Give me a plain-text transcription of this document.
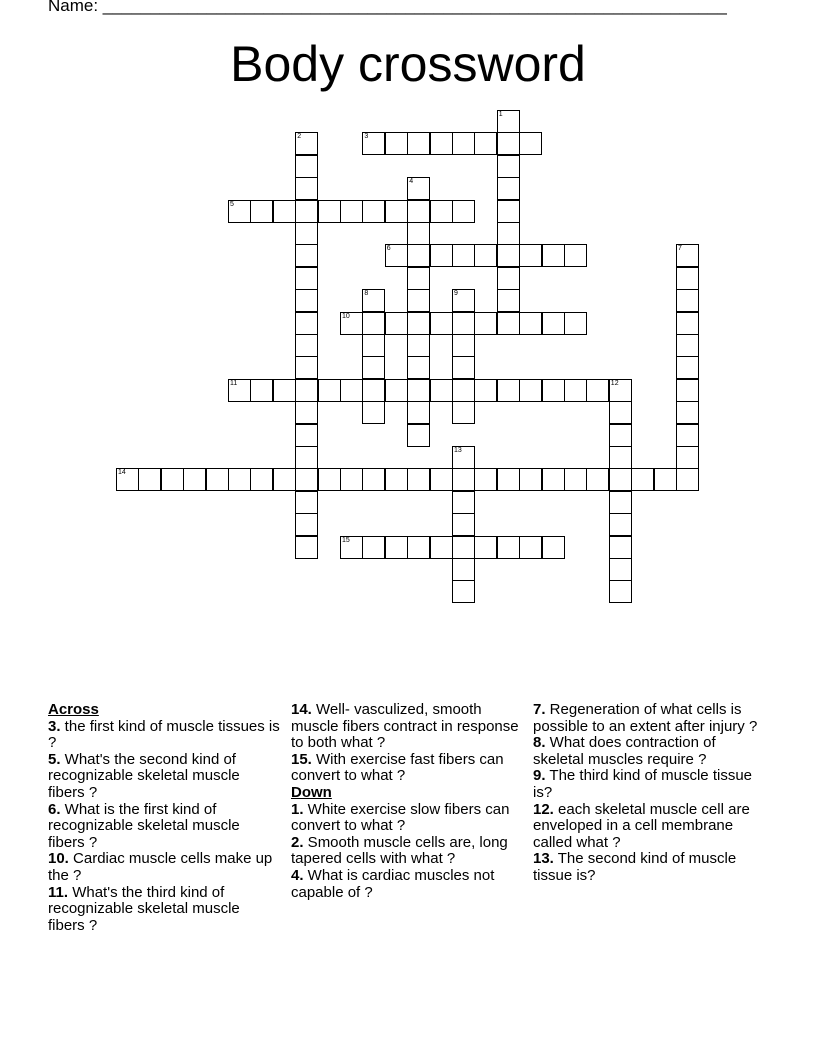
Name: __________________________________________________________________
Body crossword
1
2	3
4
5
6	7
8	9
10
11	12
13
14
15

Across

3. the first kind of muscle tissues is ?

5. What's the second kind of recognizable skeletal muscle fibers ?

6. What is the first kind of recognizable skeletal muscle fibers ?

10. Cardiac muscle cells make up the ?

11. What's the third kind of recognizable skeletal muscle fibers ?

14. Well- vasculized, smooth muscle fibers contract in response to both what ?

15. With exercise fast fibers can convert to what ?

Down

1. White exercise slow fibers can convert to what ?

2. Smooth muscle cells are, long tapered cells with what ?

4. What is cardiac muscles not capable of ?

7. Regeneration of what cells is possible to an extent after injury ?

8. What does contraction of skeletal muscles require ?

9. The third kind of muscle tissue is?

12. each skeletal muscle cell are enveloped in a cell membrane called what ?

13. The second kind of muscle tissue is?
